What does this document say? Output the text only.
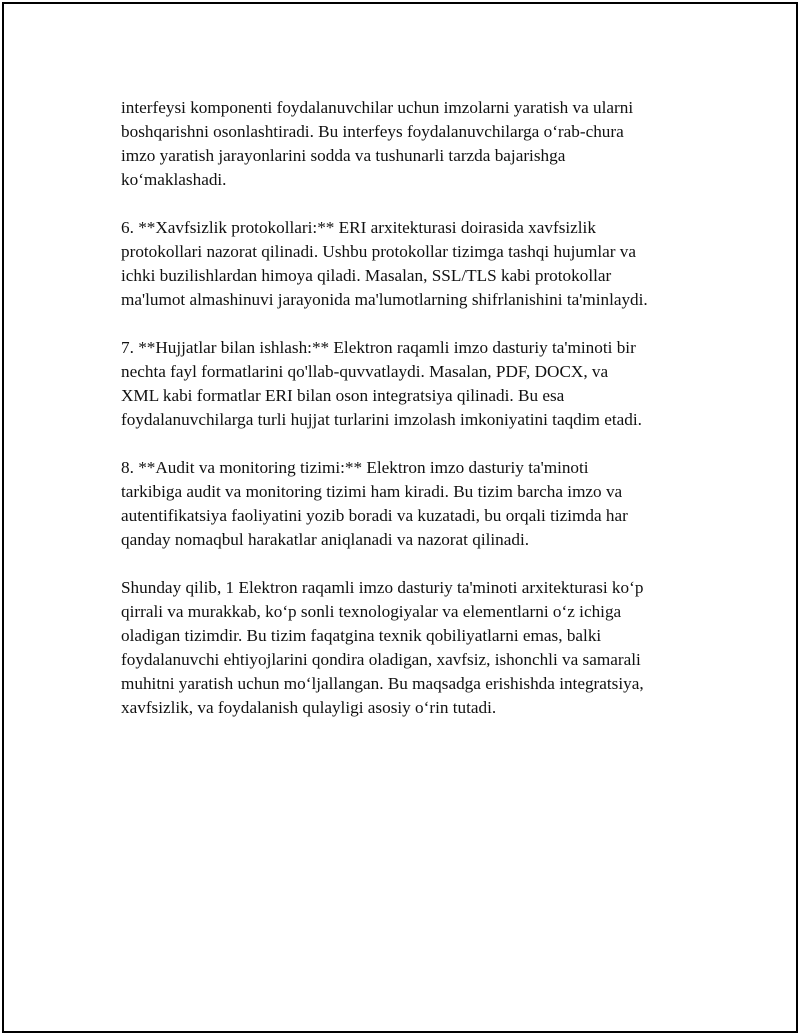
interfeysi komponenti foydalanuvchilar uchun imzolarni yaratish va ularni
boshqarishni osonlashtiradi. Bu interfeys foydalanuvchilarga o‘rab-chura
imzo yaratish jarayonlarini sodda va tushunarli tarzda bajarishga
ko‘maklashadi.

6. **Xavfsizlik protokollari:** ERI arxitekturasi doirasida xavfsizlik
protokollari nazorat qilinadi. Ushbu protokollar tizimga tashqi hujumlar va
ichki buzilishlardan himoya qiladi. Masalan, SSL/TLS kabi protokollar
ma'lumot almashinuvi jarayonida ma'lumotlarning shifrlanishini ta'minlaydi.

7. **Hujjatlar bilan ishlash:** Elektron raqamli imzo dasturiy ta'minoti bir
nechta fayl formatlarini qo'llab-quvvatlaydi. Masalan, PDF, DOCX, va
XML kabi formatlar ERI bilan oson integratsiya qilinadi. Bu esa
foydalanuvchilarga turli hujjat turlarini imzolash imkoniyatini taqdim etadi.

8. **Audit va monitoring tizimi:** Elektron imzo dasturiy ta'minoti
tarkibiga audit va monitoring tizimi ham kiradi. Bu tizim barcha imzo va
autentifikatsiya faoliyatini yozib boradi va kuzatadi, bu orqali tizimda har
qanday nomaqbul harakatlar aniqlanadi va nazorat qilinadi.

Shunday qilib, 1 Elektron raqamli imzo dasturiy ta'minoti arxitekturasi ko‘p
qirrali va murakkab, ko‘p sonli texnologiyalar va elementlarni o‘z ichiga
oladigan tizimdir. Bu tizim faqatgina texnik qobiliyatlarni emas, balki
foydalanuvchi ehtiyojlarini qondira oladigan, xavfsiz, ishonchli va samarali
muhitni yaratish uchun mo‘ljallangan. Bu maqsadga erishishda integratsiya,
xavfsizlik, va foydalanish qulayligi asosiy o‘rin tutadi.
